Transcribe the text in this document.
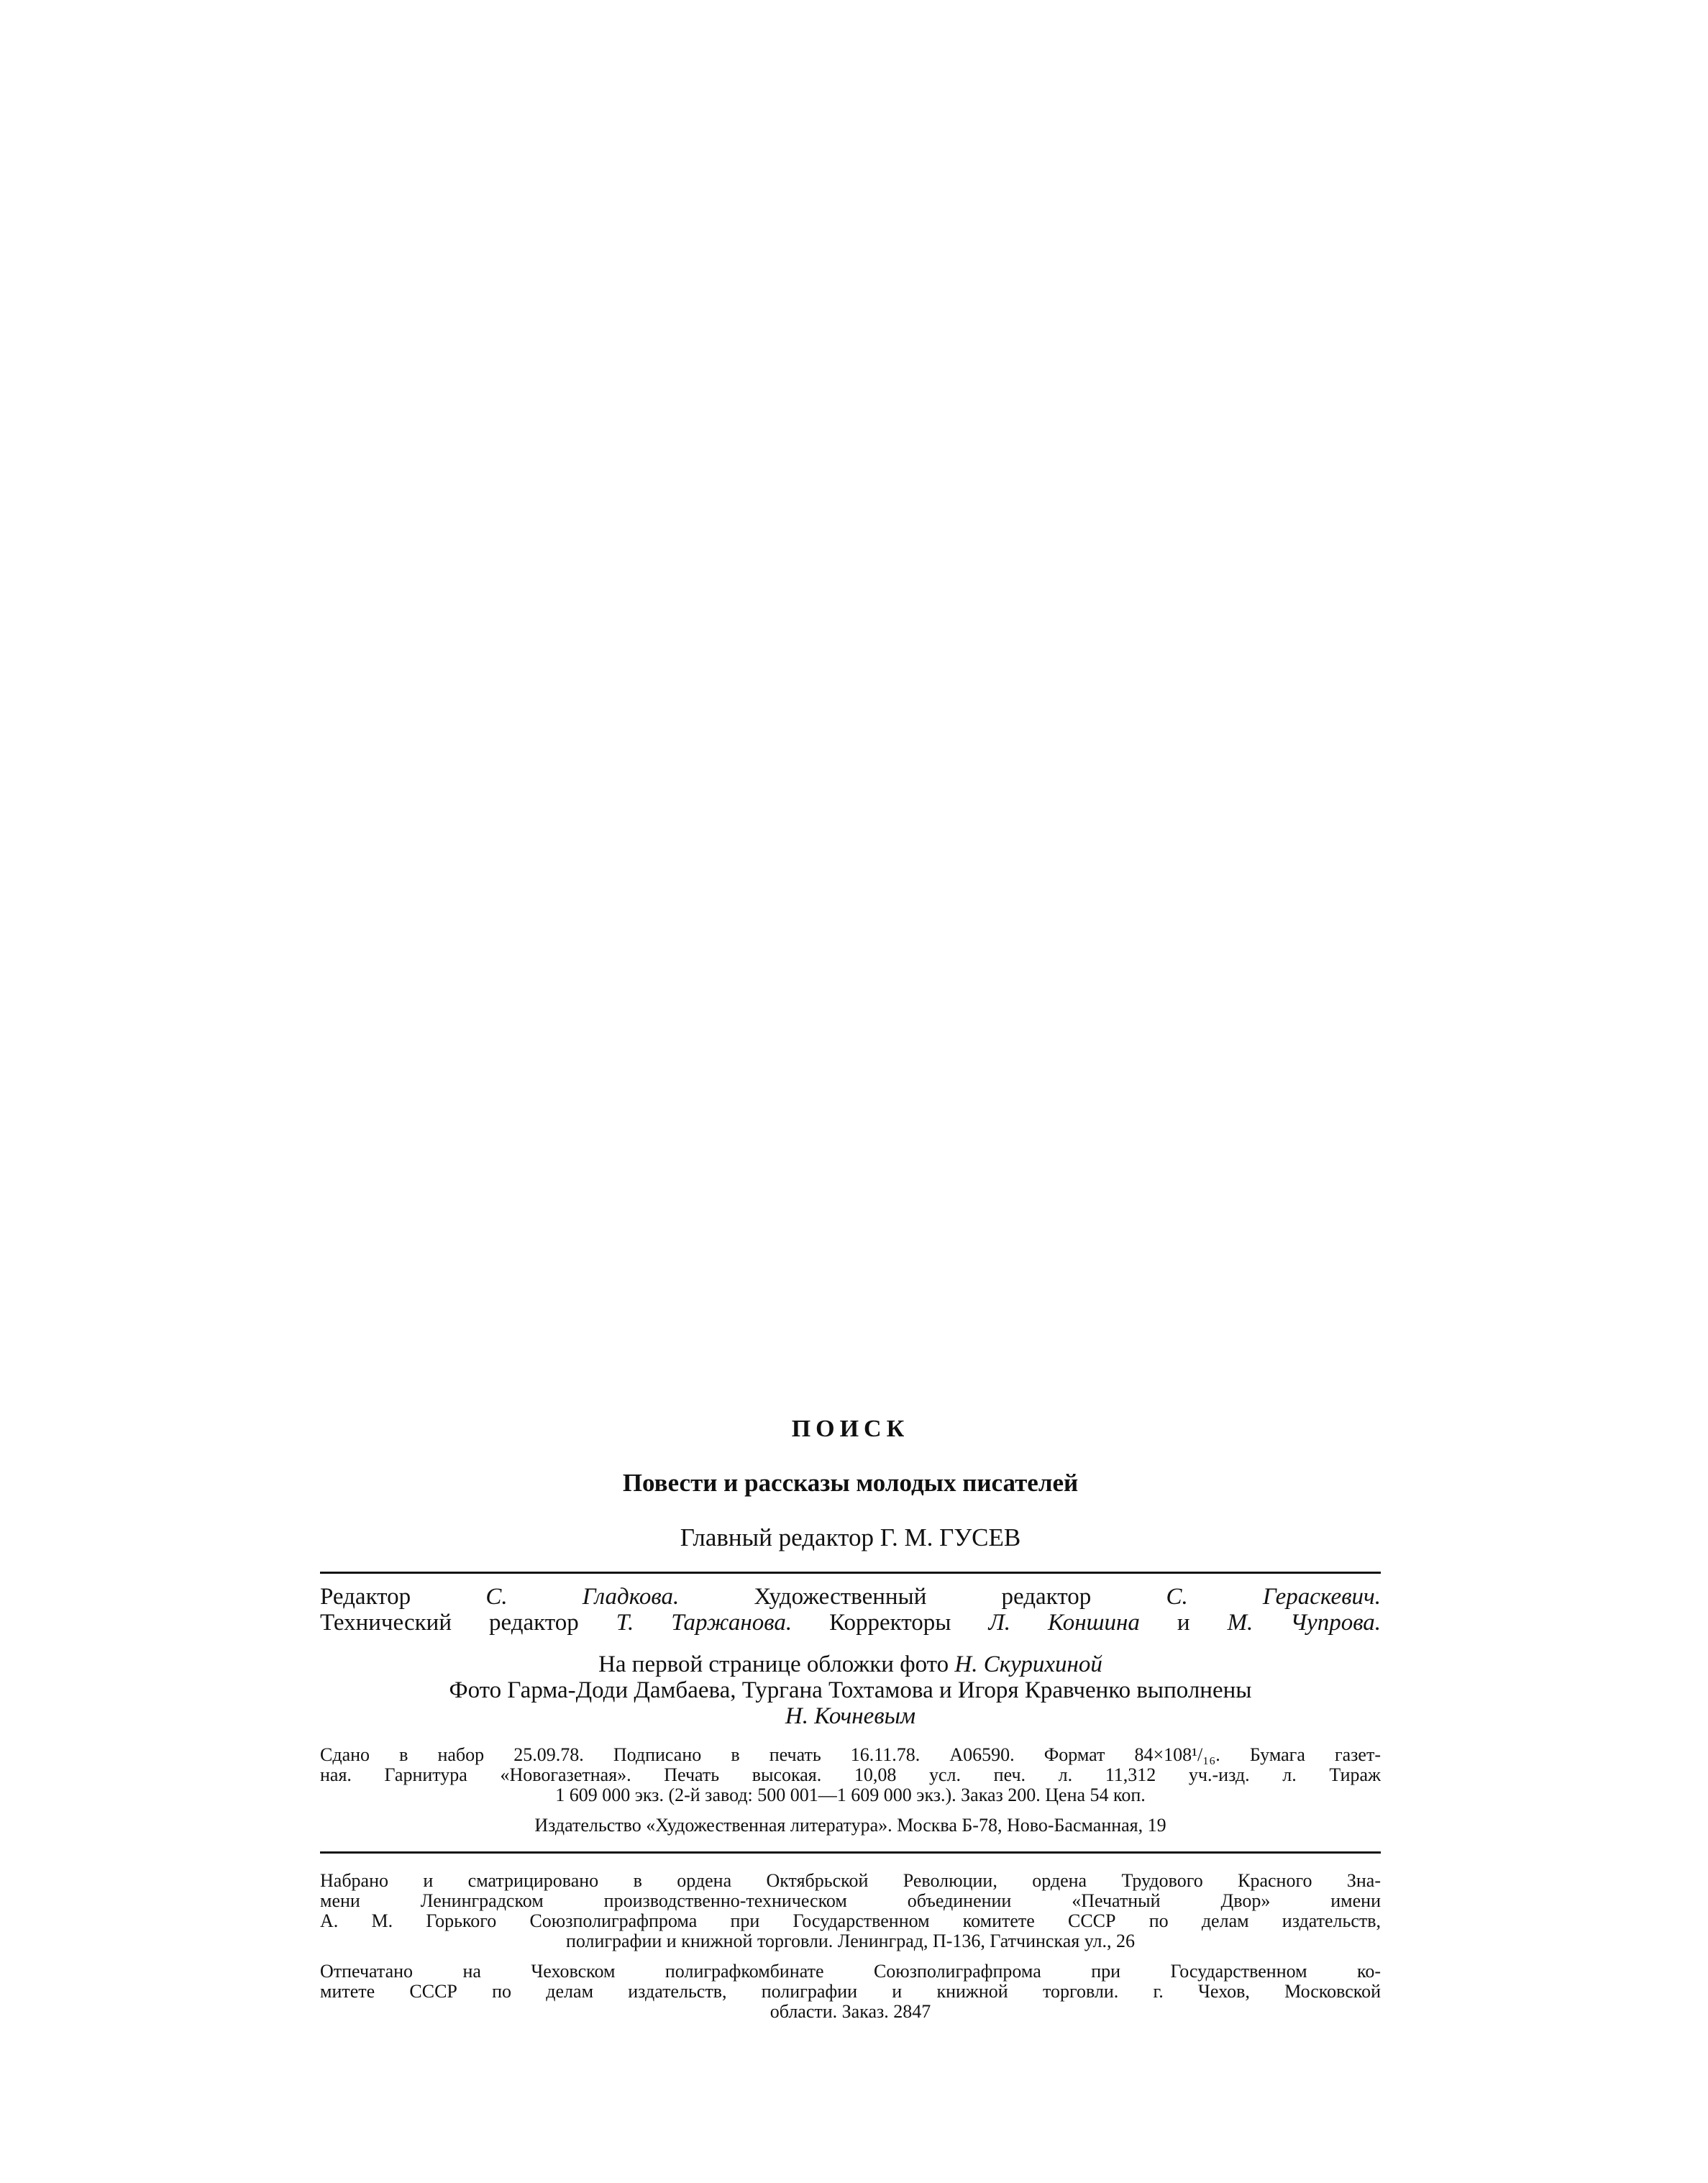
ПОИСК
Повести и рассказы молодых писателей
Главный редактор Г. М. ГУСЕВ
Редактор	С. Гладкова.	Художественный редактор	С. Гераскевич.
Технический редактор Т. Таржанова. Корректоры Л. Коншина и М. Чупрова.
На первой странице обложки фото Н. Скурихиной
Фото Гарма-Доди Дамбаева, Тургана Тохтамова и Игоря Кравченко выполнены
Н. Кочневым
Сдано в набор 25.09.78. Подписано в печать 16.11.78. А06590. Формат 84×108¹/₁₆. Бумага газет-
ная. Гарнитура «Новогазетная». Печать высокая. 10,08 усл. печ. л. 11,312 уч.-изд. л. Тираж
1 609 000 экз. (2-й завод: 500 001—1 609 000 экз.). Заказ 200. Цена 54 коп.
Издательство «Художественная литература». Москва Б-78, Ново-Басманная, 19
Набрано и сматрицировано в ордена Октябрьской Революции, ордена Трудового Красного Зна-
мени Ленинградском производственно-техническом объединении «Печатный Двор» имени
А. М. Горького Союзполиграфпрома при Государственном комитете СССР по делам издательств,
полиграфии и книжной торговли. Ленинград, П-136, Гатчинская ул., 26
Отпечатано на Чеховском полиграфкомбинате Союзполиграфпрома при Государственном ко-
митете СССР по делам издательств, полиграфии и книжной торговли. г. Чехов, Московской
области. Заказ. 2847
